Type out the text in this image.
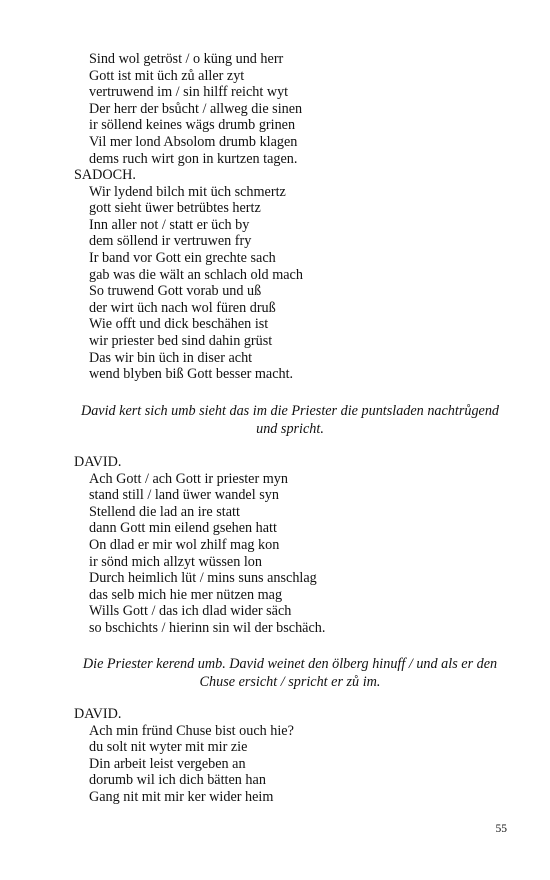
Sind wol getröst / o küng und herr
Gott ist mit üch zů aller zyt
vertruwend im / sin hilff reicht wyt
Der herr der bsůcht / allweg die sinen
ir söllend keines wägs drumb grinen
Vil mer lond Absolom drumb klagen
dems ruch wirt gon in kurtzen tagen.
SADOCH.
Wir lydend bilch mit üch schmertz
gott sieht üwer betrübtes hertz
Inn aller not / statt er üch by
dem söllend ir vertruwen fry
Ir band vor Gott ein grechte sach
gab was die wält an schlach old mach
So truwend Gott vorab und uß
der wirt üch nach wol füren druß
Wie offt und dick beschähen ist
wir priester bed sind dahin grüst
Das wir bin üch in diser acht
wend blyben biß Gott besser macht.
David kert sich umb sieht das im die Priester die puntsladen nachtrůgend und spricht.
DAVID.
Ach Gott / ach Gott ir priester myn
stand still / land üwer wandel syn
Stellend die lad an ire statt
dann Gott min eilend gsehen hatt
On dlad er mir wol zhilf mag kon
ir sönd mich allzyt wüssen lon
Durch heimlich lüt / mins suns anschlag
das selb mich hie mer nützen mag
Wills Gott / das ich dlad wider säch
so bschichts / hierinn sin wil der bschäch.
Die Priester kerend umb. David weinet den ölberg hinuff / und als er den Chuse ersicht / spricht er zů im.
DAVID.
Ach min fründ Chuse bist ouch hie?
du solt nit wyter mit mir zie
Din arbeit leist vergeben an
dorumb wil ich dich bätten han
Gang nit mit mir ker wider heim
55
